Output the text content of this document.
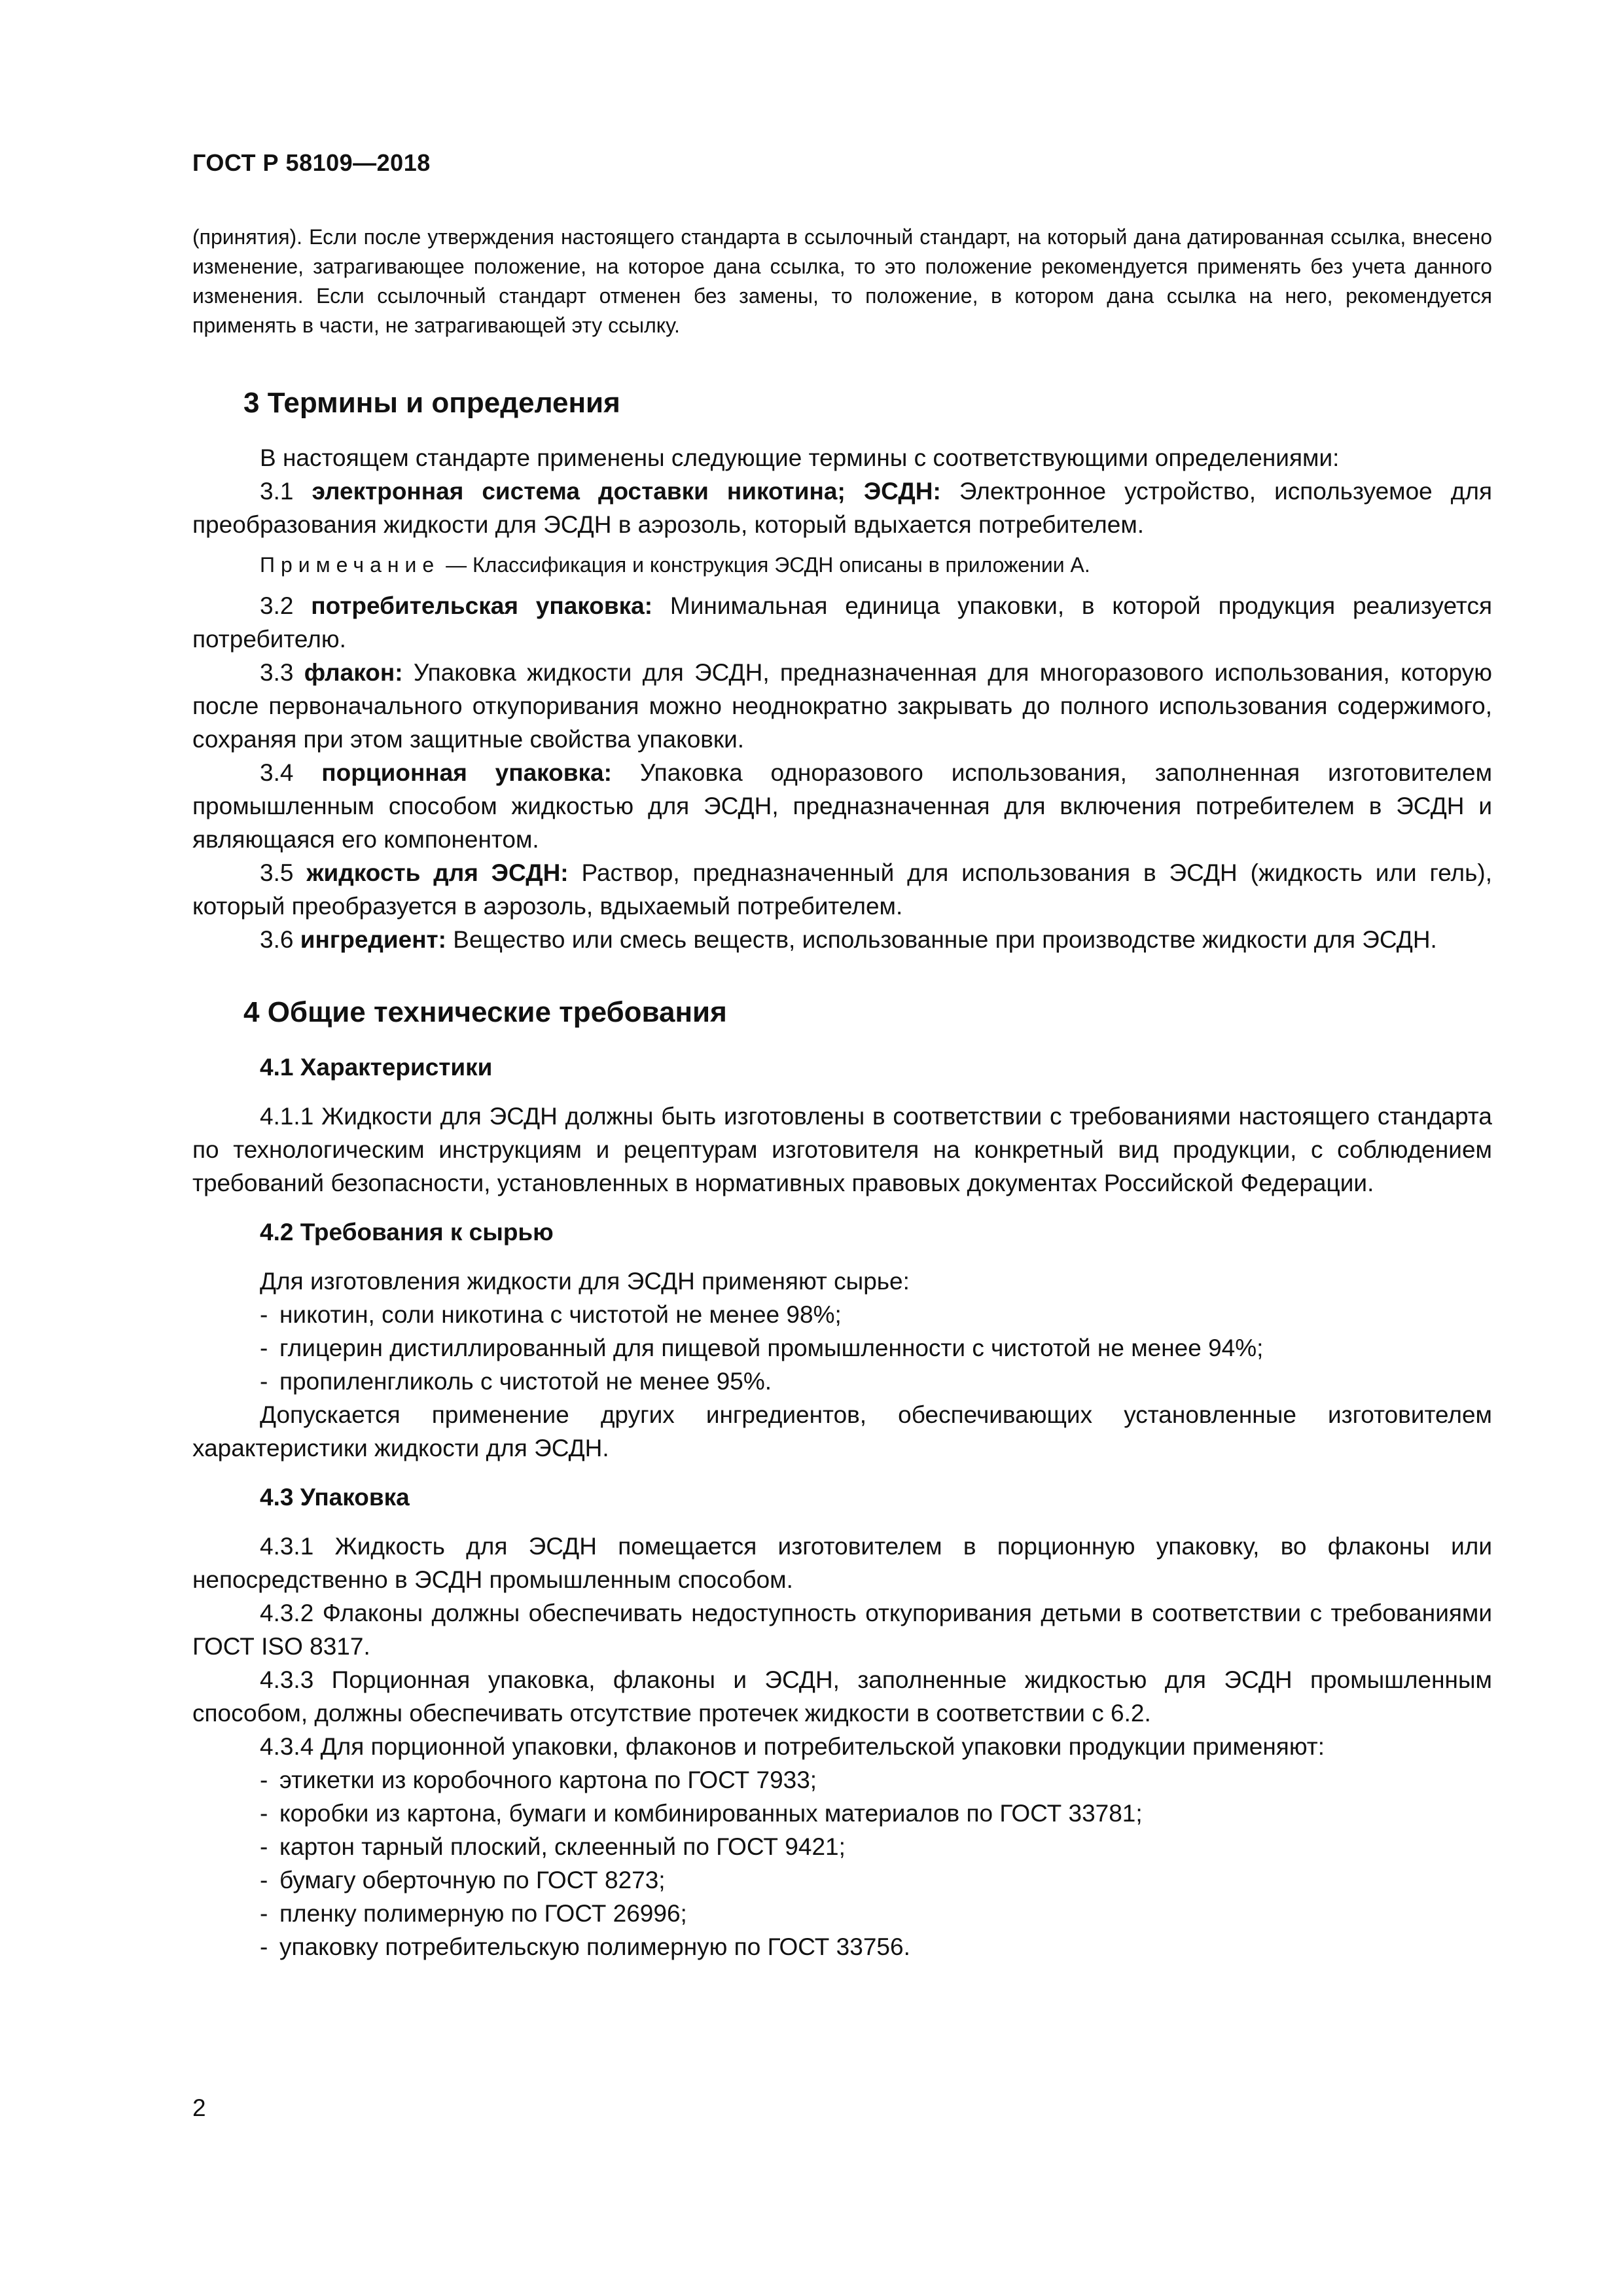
ГОСТ Р 58109—2018

(принятия). Если после утверждения настоящего стандарта в ссылочный стандарт, на который дана датированная ссылка, внесено изменение, затрагивающее положение, на которое дана ссылка, то это положение рекомендуется применять без учета данного изменения. Если ссылочный стандарт отменен без замены, то положение, в котором дана ссылка на него, рекомендуется применять в части, не затрагивающей эту ссылку.

3 Термины и определения

В настоящем стандарте применены следующие термины с соответствующими определениями:

3.1 электронная система доставки никотина; ЭСДН: Электронное устройство, используемое для преобразования жидкости для ЭСДН в аэрозоль, который вдыхается потребителем.

Примечание — Классификация и конструкция ЭСДН описаны в приложении А.

3.2 потребительская упаковка: Минимальная единица упаковки, в которой продукция реализуется потребителю.

3.3 флакон: Упаковка жидкости для ЭСДН, предназначенная для многоразового использования, которую после первоначального откупоривания можно неоднократно закрывать до полного использования содержимого, сохраняя при этом защитные свойства упаковки.

3.4 порционная упаковка: Упаковка одноразового использования, заполненная изготовителем промышленным способом жидкостью для ЭСДН, предназначенная для включения потребителем в ЭСДН и являющаяся его компонентом.

3.5 жидкость для ЭСДН: Раствор, предназначенный для использования в ЭСДН (жидкость или гель), который преобразуется в аэрозоль, вдыхаемый потребителем.

3.6 ингредиент: Вещество или смесь веществ, использованные при производстве жидкости для ЭСДН.

4 Общие технические требования
4.1 Характеристики

4.1.1 Жидкости для ЭСДН должны быть изготовлены в соответствии с требованиями настоящего стандарта по технологическим инструкциям и рецептурам изготовителя на конкретный вид продукции, с соблюдением требований безопасности, установленных в нормативных правовых документах Российской Федерации.

4.2 Требования к сырью

Для изготовления жидкости для ЭСДН применяют сырье:

- никотин, соли никотина с чистотой не менее 98%;

- глицерин дистиллированный для пищевой промышленности с чистотой не менее 94%;

- пропиленгликоль с чистотой не менее 95%.

Допускается применение других ингредиентов, обеспечивающих установленные изготовителем характеристики жидкости для ЭСДН.

4.3 Упаковка

4.3.1 Жидкость для ЭСДН помещается изготовителем в порционную упаковку, во флаконы или непосредственно в ЭСДН промышленным способом.

4.3.2 Флаконы должны обеспечивать недоступность откупоривания детьми в соответствии с требованиями ГОСТ ISO 8317.

4.3.3 Порционная упаковка, флаконы и ЭСДН, заполненные жидкостью для ЭСДН промышленным способом, должны обеспечивать отсутствие протечек жидкости в соответствии с 6.2.

4.3.4 Для порционной упаковки, флаконов и потребительской упаковки продукции применяют:

- этикетки из коробочного картона по ГОСТ 7933;

- коробки из картона, бумаги и комбинированных материалов по ГОСТ 33781;

- картон тарный плоский, склеенный по ГОСТ 9421;

- бумагу оберточную по ГОСТ 8273;

- пленку полимерную по ГОСТ 26996;

- упаковку потребительскую полимерную по ГОСТ 33756.

2
